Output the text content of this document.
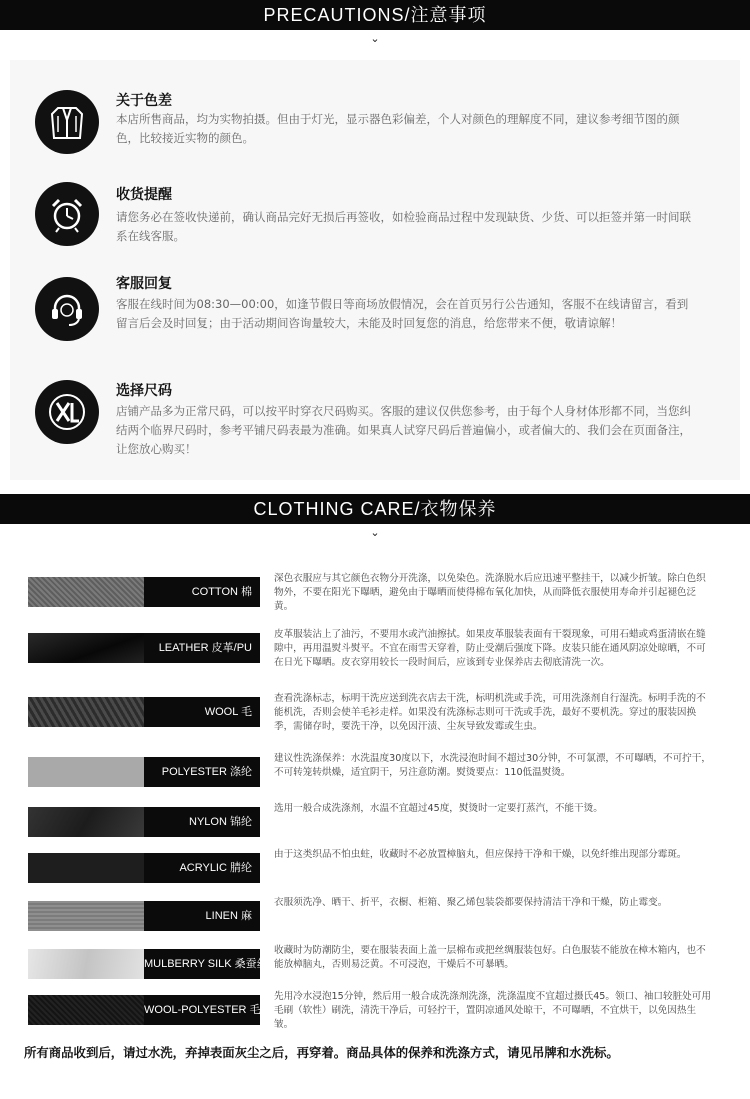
PRECAUTIONS/注意事项
⌄
关于色差
本店所售商品，均为实物拍摄。但由于灯光，显示器色彩偏差，个人对颜色的理解度不同，建议参考细节图的颜色，比较接近实物的颜色。
收货提醒
请您务必在签收快递前，确认商品完好无损后再签收，如检验商品过程中发现缺货、少货、可以拒签并第一时间联系在线客服。
客服回复
客服在线时间为08:30—00:00，如逢节假日等商场放假情况，会在首页另行公告通知，客服不在线请留言，看到留言后会及时回复；由于活动期间咨询量较大，未能及时回复您的消息，给您带来不便，敬请谅解！
选择尺码
店铺产品多为正常尺码，可以按平时穿衣尺码购买。客服的建议仅供您参考，由于每个人身材体形都不同，当您纠结两个临界尺码时，参考平铺尺码表最为准确。如果真人试穿尺码后普遍偏小，或者偏大的、我们会在页面备注，让您放心购买！
CLOTHING CARE/衣物保养
⌄
COTTON 棉
深色衣服应与其它颜色衣物分开洗涤，以免染色。洗涤脱水后应迅速平整挂干，以减少折皱。除白色织物外，不要在阳光下曝晒，避免由于曝晒而使得棉布氧化加快，从而降低衣服使用寿命并引起褪色泛黄。
LEATHER 皮革/PU
皮革服装沾上了油污，不要用水或汽油擦拭。如果皮革服装表面有干裂现象，可用石蜡或鸡蛋清嵌在缝隙中，再用温熨斗熨平。不宜在雨雪天穿着，防止受潮后强度下降。皮装只能在通风阴凉处晾晒，不可在日光下曝晒。皮衣穿用较长一段时间后，应该到专业保养店去彻底清洗一次。
WOOL 毛
查看洗涤标志，标明干洗应送到洗衣店去干洗，标明机洗或手洗，可用洗涤剂自行湿洗。标明手洗的不能机洗，否则会使羊毛衫走样。如果没有洗涤标志则可干洗或手洗，最好不要机洗。穿过的服装因换季，需储存时，要洗干净，以免因汗渍、尘灰导致发霉或生虫。
POLYESTER 涤纶
建议性洗涤保养：水洗温度30度以下，水洗浸泡时间不超过30分钟，不可氯漂，不可曝晒，不可拧干，不可转笼转烘燥，适宜阴干，另注意防潮。熨烫要点：110低温熨烫。
NYLON 锦纶
选用一般合成洗涤剂，水温不宜超过45度，熨烫时一定要打蒸汽，不能干烫。
ACRYLIC 腈纶
由于这类织品不怕虫蛀，收藏时不必放置樟脑丸，但应保持干净和干燥，以免纤维出现部分霉斑。
LINEN 麻
衣服须洗净、晒干、折平，衣橱、柜箱、聚乙烯包装袋都要保持清洁干净和干燥，防止霉变。
MULBERRY SILK 桑蚕丝
收藏时为防潮防尘，要在服装表面上盖一层棉布或把丝绸服装包好。白色服装不能放在樟木箱内，也不能放樟脑丸，否则易泛黄。不可浸泡，干燥后不可暴晒。
WOOL-POLYESTER 毛涤
先用冷水浸泡15分钟，然后用一般合成洗涤剂洗涤，洗涤温度不宜超过摄氏45。领口、袖口较脏处可用毛刷（软性）刷洗，清洗干净后，可轻拧干，置阴凉通风处晾干，不可曝晒，不宜烘干，以免因热生皱。
所有商品收到后，请过水洗，弃掉表面灰尘之后，再穿着。商品具体的保养和洗涤方式，请见吊牌和水洗标。
